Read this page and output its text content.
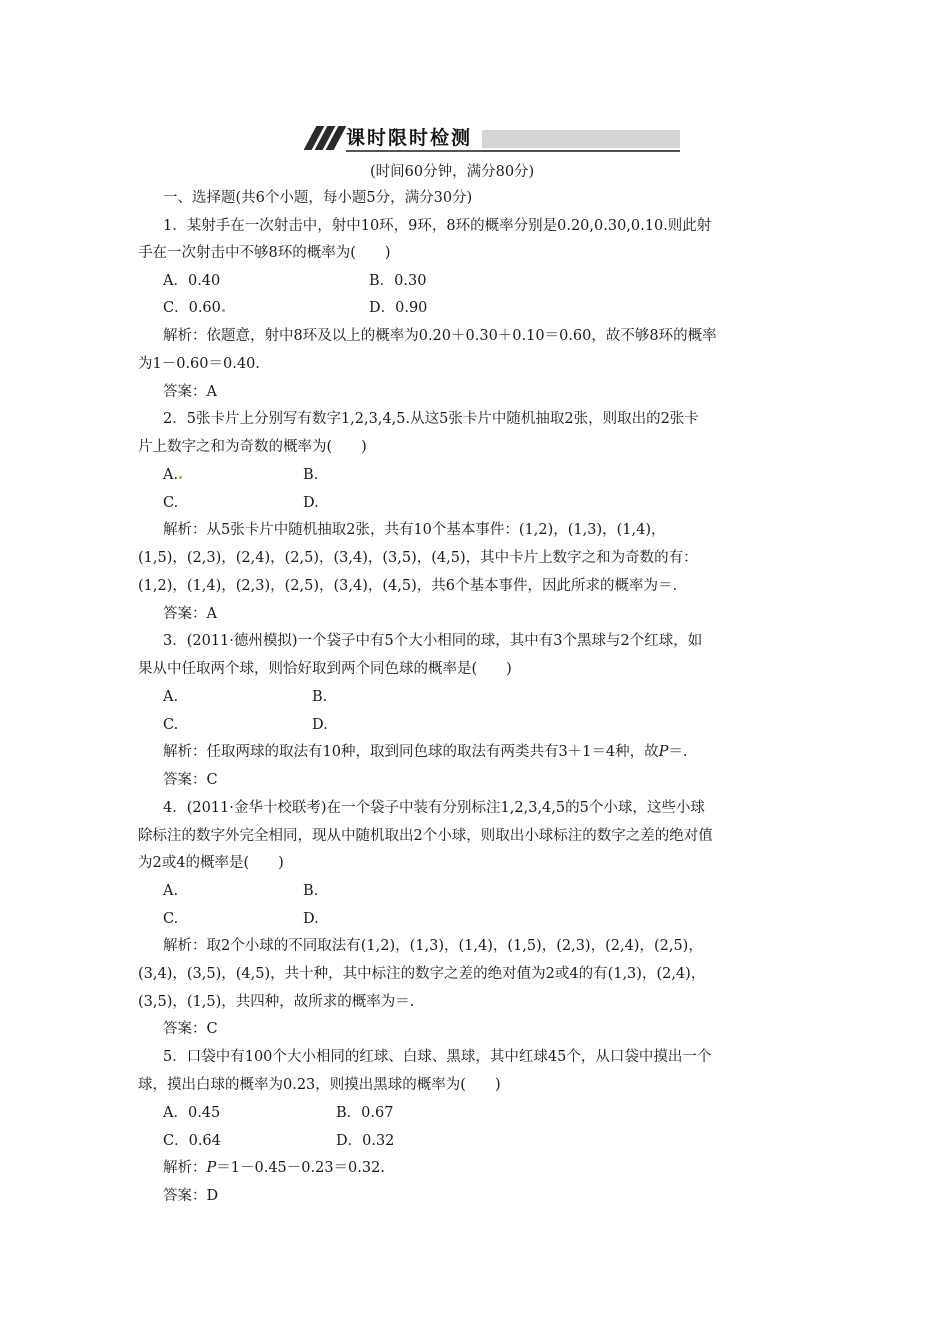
课时限时检测
(时间60分钟，满分80分)
一、选择题(共6个小题，每小题5分，满分30分)
1．某射手在一次射击中，射中10环，9环，8环的概率分别是0.20,0.30,0.10.则此射
手在一次射击中不够8环的概率为(　　)
A．0.40	B．0.30
C．0.60	D．0.90
解析：依题意，射中8环及以上的概率为0.20＋0.30＋0.10＝0.60，故不够8环的概率
为1－0.60＝0.40.
答案：A
2．5张卡片上分别写有数字1,2,3,4,5.从这5张卡片中随机抽取2张，则取出的2张卡
片上数字之和为奇数的概率为(　　)
A.	B.
C.	D.
解析：从5张卡片中随机抽取2张，共有10个基本事件：(1,2)，(1,3)，(1,4)，
(1,5)，(2,3)，(2,4)，(2,5)，(3,4)，(3,5)，(4,5)，其中卡片上数字之和为奇数的有：
(1,2)，(1,4)，(2,3)，(2,5)，(3,4)，(4,5)，共6个基本事件，因此所求的概率为＝.
答案：A
3．(2011·德州模拟)一个袋子中有5个大小相同的球，其中有3个黑球与2个红球，如
果从中任取两个球，则恰好取到两个同色球的概率是(　　)
A.	B.
C.	D.
解析：任取两球的取法有10种，取到同色球的取法有两类共有3＋1＝4种，故P＝.
答案：C
4．(2011·金华十校联考)在一个袋子中装有分别标注1,2,3,4,5的5个小球，这些小球
除标注的数字外完全相同，现从中随机取出2个小球，则取出小球标注的数字之差的绝对值
为2或4的概率是(　　)
A.	B.
C.	D.
解析：取2个小球的不同取法有(1,2)，(1,3)，(1,4)，(1,5)，(2,3)，(2,4)，(2,5)，
(3,4)，(3,5)，(4,5)，共十种，其中标注的数字之差的绝对值为2或4的有(1,3)，(2,4)，
(3,5)，(1,5)，共四种，故所求的概率为＝.
答案：C
5．口袋中有100个大小相同的红球、白球、黑球，其中红球45个，从口袋中摸出一个
球，摸出白球的概率为0.23，则摸出黑球的概率为(　　)
A．0.45	B．0.67
C．0.64	D．0.32
解析：P＝1－0.45－0.23＝0.32.
答案：D
